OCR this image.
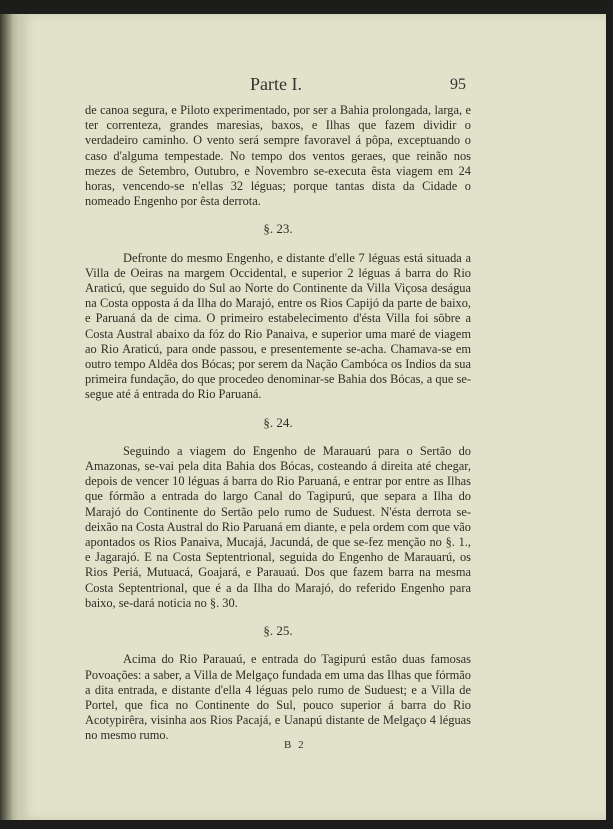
Parte I.	95

de canoa segura, e Piloto experimentado, por ser a Bahia prolongada, larga, e ter correnteza, grandes maresias, baxos, e Ilhas que fazem dividir o verdadeiro caminho. O vento será sempre favoravel á pôpa, exceptuando o caso d'alguma tempestade. No tempo dos ventos geraes, que reinão nos mezes de Setembro, Outubro, e Novembro se-executa êsta viagem em 24 horas, vencendo-se n'ellas 32 léguas; porque tantas dista da Cidade o nomeado Engenho por êsta derrota.

§. 23.

Defronte do mesmo Engenho, e distante d'elle 7 léguas está situada a Villa de Oeiras na margem Occidental, e superior 2 léguas á barra do Rio Araticú, que seguido do Sul ao Norte do Continente da Villa Viçosa deságua na Costa opposta á da Ilha do Marajó, entre os Rios Capijó da parte de baixo, e Paruaná da de cima. O primeiro estabelecimento d'ésta Villa foi sôbre a Costa Austral abaixo da fóz do Rio Panaiva, e superior uma maré de viagem ao Rio Araticú, para onde passou, e presentemente se-acha. Chamava-se em outro tempo Aldêa dos Bócas; por serem da Nação Cambóca os Indios da sua primeira fundação, do que procedeo denominar-se Bahia dos Bócas, a que se-segue até á entrada do Rio Paruaná.

§. 24.

Seguindo a viagem do Engenho de Marauarú para o Sertão do Amazonas, se-vai pela dita Bahia dos Bócas, costeando á direita até chegar, depois de vencer 10 léguas á barra do Rio Paruaná, e entrar por entre as Ilhas que fórmão a entrada do largo Canal do Tagipurú, que separa a Ilha do Marajó do Continente do Sertão pelo rumo de Suduest. N'ésta derrota se-deixão na Costa Austral do Rio Paruaná em diante, e pela ordem com que vão apontados os Rios Panaiva, Mucajá, Jacundá, de que se-fez menção no §. 1., e Jagarajó. E na Costa Septentrional, seguida do Engenho de Marauarú, os Rios Periá, Mutuacá, Goajará, e Parauaú. Dos que fazem barra na mesma Costa Septentrional, que é a da Ilha do Marajó, do referido Engenho para baixo, se-dará noticia no §. 30.

§. 25.

Acima do Rio Parauaú, e entrada do Tagipurú estão duas famosas Povoações: a saber, a Villa de Melgaço fundada em uma das Ilhas que fórmão a dita entrada, e distante d'ella 4 léguas pelo rumo de Suduest; e a Villa de Portel, que fica no Continente do Sul, pouco superior á barra do Rio Acotypirêra, visinha aos Rios Pacajá, e Uanapú distante de Melgaço 4 léguas no mesmo rumo.

B 2
